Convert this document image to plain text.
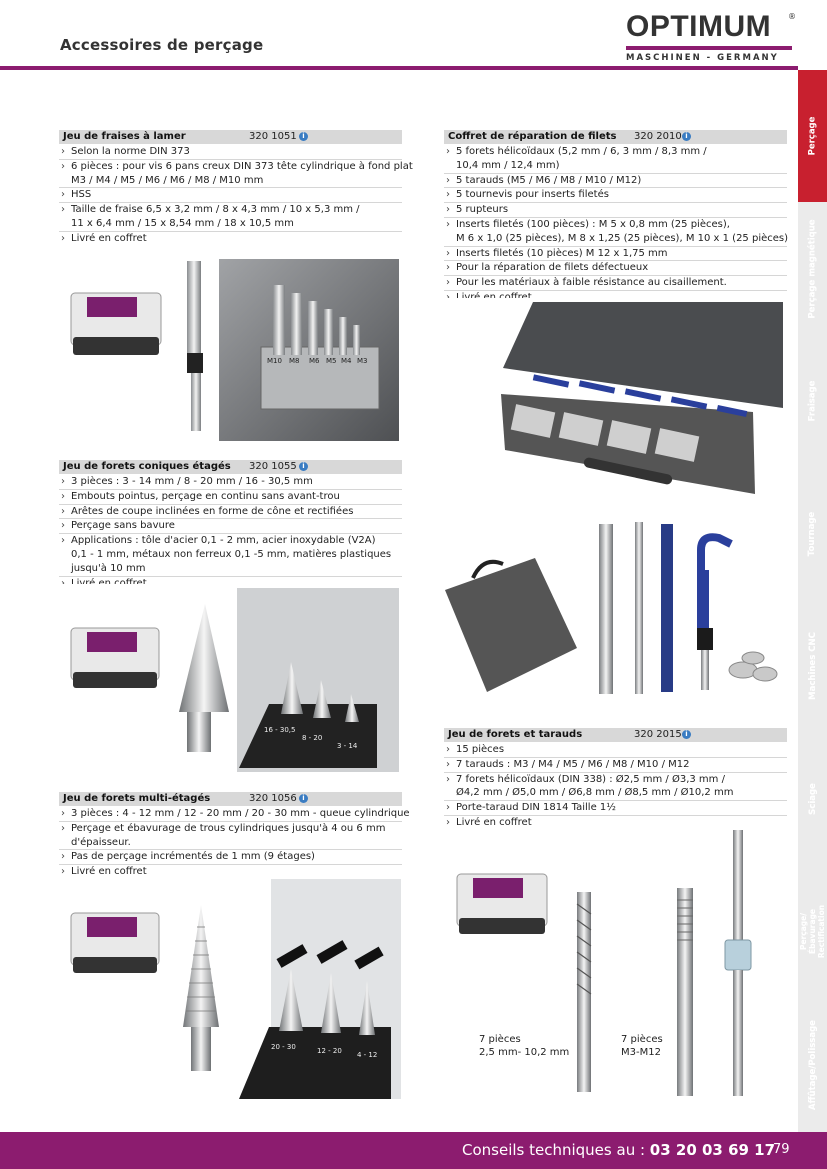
Accessoires de perçage
OPTIMUM ®
MASCHINEN - GERMANY
Perçage
Perçage magnétique
Fraisage
Tournage
Machines CNC
Sciage
Perçage/Ébavurage Rectification
Affûtage/Polissage
Jeu de fraises à lamer	320 1051 i
› Selon la norme DIN 373
› 6 pièces : pour vis 6 pans creux DIN 373 tête cylindrique à fond plat
M3 / M4 / M5 / M6 / M6 / M8 / M10 mm
› HSS
› Taille de fraise 6,5 x 3,2 mm / 8 x 4,3 mm / 10 x 5,3 mm /
11 x 6,4 mm / 15 x 8,54 mm / 18 x 10,5 mm
› Livré en coffret
M10 M8 M6 M5 M4 M3
Jeu de forets coniques étagés 320 1055 i
› 3 pièces : 3 - 14 mm / 8 - 20 mm / 16 - 30,5 mm
› Embouts pointus, perçage en continu sans avant-trou
› Arêtes de coupe inclinées en forme de cône et rectifiées
› Perçage sans bavure
› Applications : tôle d'acier 0,1 - 2 mm, acier inoxydable (V2A)
0,1 - 1 mm, métaux non ferreux 0,1 -5 mm, matières plastiques
jusqu'à 10 mm
›
16 - 30,5
8 - 20
3 - 14
Jeu de forets multi-étagés	320 1056 i
› 3 pièces : 4 - 12 mm / 12 - 20 mm / 20 - 30 mm - queue cylindrique
› Perçage et ébavurage de trous cylindriques jusqu'à 4 ou 6 mm
d'épaisseur.
› Pas de perçage incrémentés de 1 mm (9 étages)
› Livré en coffret
20 - 30	12 - 20 4 - 12
Coffret de réparation de filets 320 2010 i
› 5 forets hélicoïdaux (5,2 mm / 6, 3 mm / 8,3 mm /
10,4 mm / 12,4 mm)
› 5 tarauds (M5 / M6 / M8 / M10 / M12)
› 5 tournevis pour inserts filetés
› 5 rupteurs
› Inserts filetés (100 pièces) : M 5 x 0,8 mm (25 pièces),
M 6 x 1,0 (25 pièces), M 8 x 1,25 (25 pièces), M 10 x 1 (25 pièces)
› Inserts filetés (10 pièces) M 12 x 1,75 mm
› Pour la réparation de filets défectueux
› Pour les matériaux à faible résistance au cisaillement.
›
Jeu de forets et tarauds	320 2015 i
› 15 pièces
› 7 tarauds : M3 / M4 / M5 / M6 / M8 / M10 / M12
› 7 forets hélicoïdaux (DIN 338) : Ø2,5 mm / Ø3,3 mm /
Ø4,2 mm / Ø5,0 mm / Ø6,8 mm / Ø8,5 mm / Ø10,2 mm
› Porte-taraud DIN 1814 Taille 1½
› Livré en coffret
7 pièces
2,5 mm- 10,2 mm
7 pièces
M3-M12
Conseils techniques au : 03 20 03 69 17
79
